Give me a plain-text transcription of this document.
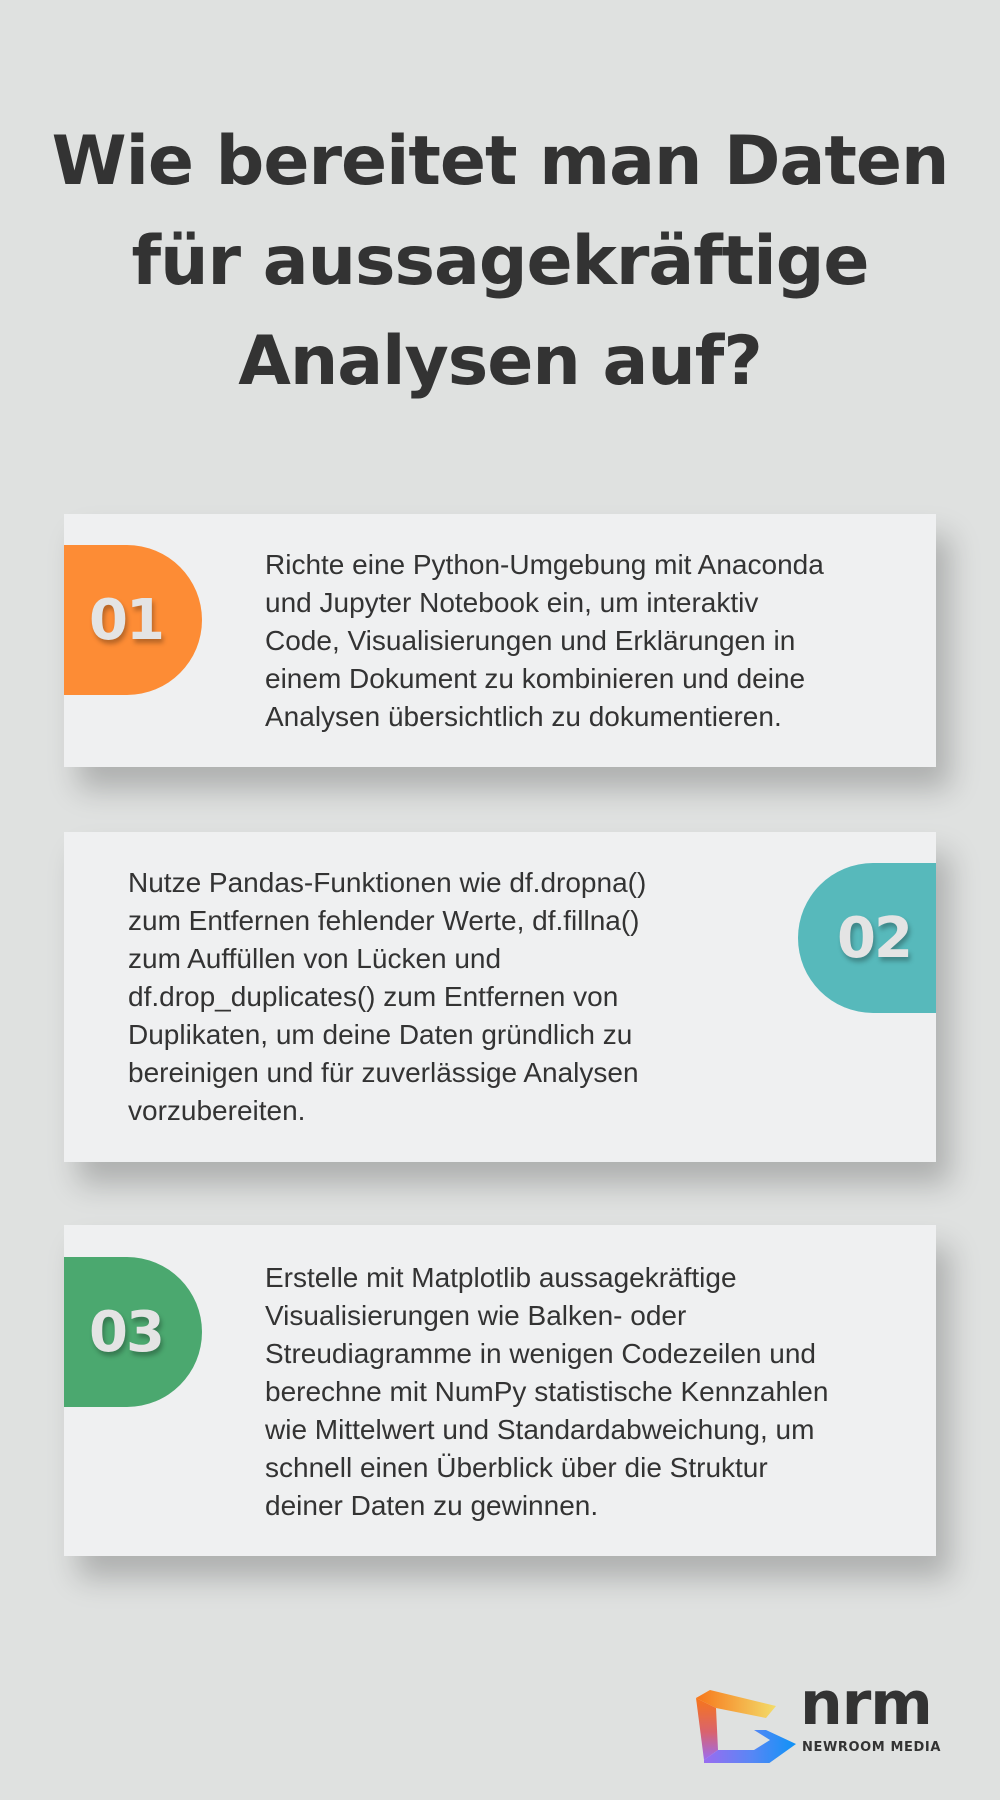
Wie bereitet man Daten
für aussagekräftige
Analysen auf?
01

Richte eine Python-Umgebung mit Anaconda
und Jupyter Notebook ein, um interaktiv
Code, Visualisierungen und Erklärungen in
einem Dokument zu kombinieren und deine
Analysen übersichtlich zu dokumentieren.

02

Nutze Pandas-Funktionen wie df.dropna()
zum Entfernen fehlender Werte, df.fillna()
zum Auffüllen von Lücken und
df.drop_duplicates() zum Entfernen von
Duplikaten, um deine Daten gründlich zu
bereinigen und für zuverlässige Analysen
vorzubereiten.

03

Erstelle mit Matplotlib aussagekräftige
Visualisierungen wie Balken- oder
Streudiagramme in wenigen Codezeilen und
berechne mit NumPy statistische Kennzahlen
wie Mittelwert und Standardabweichung, um
schnell einen Überblick über die Struktur
deiner Daten zu gewinnen.

nrm
NEWROOM MEDIA
